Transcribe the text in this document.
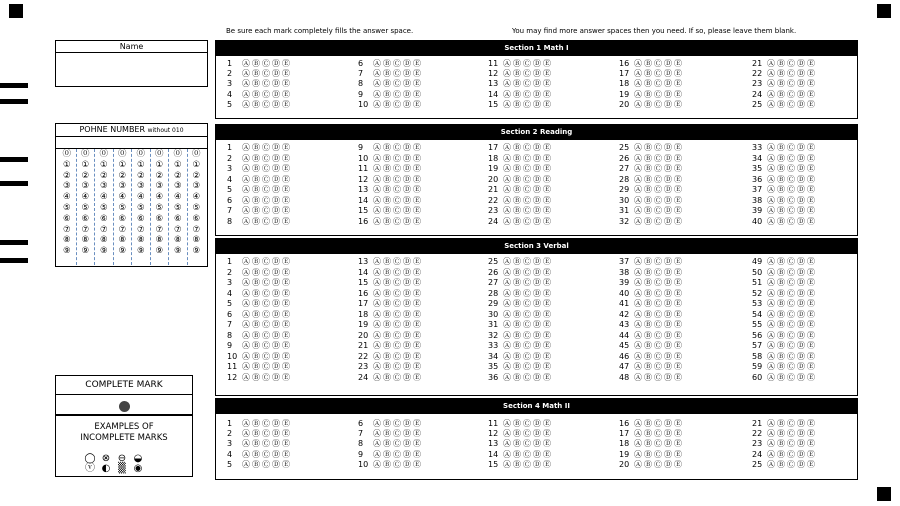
Be sure each mark completely fills the answer space.	You may find more answer spaces then you need. If so, please leave them blank.
Name
POHNE NUMBER without 010
⓪
①
②
③
④
⑤
⑥
⑦
⑧
⑨
⓪
①
②
③
④
⑤
⑥
⑦
⑧
⑨
⓪
①
②
③
④
⑤
⑥
⑦
⑧
⑨
⓪
①
②
③
④
⑤
⑥
⑦
⑧
⑨
⓪
①
②
③
④
⑤
⑥
⑦
⑧
⑨
⓪
①
②
③
④
⑤
⑥
⑦
⑧
⑨
⓪
①
②
③
④
⑤
⑥
⑦
⑧
⑨
⓪
①
②
③
④
⑤
⑥
⑦
⑧
⑨
COMPLETE MARK
EXAMPLES OF
INCOMPLETE MARKS
◯ ⊗ ⊖ ◒
ⓥ ◐ ▒ ◉
Section 1 Math I
1 Ⓐ Ⓑ Ⓒ Ⓓ Ⓔ
2 Ⓐ Ⓑ Ⓒ Ⓓ Ⓔ
3 Ⓐ Ⓑ Ⓒ Ⓓ Ⓔ
4 Ⓐ Ⓑ Ⓒ Ⓓ Ⓔ
5 Ⓐ Ⓑ Ⓒ Ⓓ Ⓔ
6 Ⓐ Ⓑ Ⓒ Ⓓ Ⓔ
7 Ⓐ Ⓑ Ⓒ Ⓓ Ⓔ
8 Ⓐ Ⓑ Ⓒ Ⓓ Ⓔ
9 Ⓐ Ⓑ Ⓒ Ⓓ Ⓔ
10 Ⓐ Ⓑ Ⓒ Ⓓ Ⓔ
11 Ⓐ Ⓑ Ⓒ Ⓓ Ⓔ
12 Ⓐ Ⓑ Ⓒ Ⓓ Ⓔ
13 Ⓐ Ⓑ Ⓒ Ⓓ Ⓔ
14 Ⓐ Ⓑ Ⓒ Ⓓ Ⓔ
15 Ⓐ Ⓑ Ⓒ Ⓓ Ⓔ
16 Ⓐ Ⓑ Ⓒ Ⓓ Ⓔ
17 Ⓐ Ⓑ Ⓒ Ⓓ Ⓔ
18 Ⓐ Ⓑ Ⓒ Ⓓ Ⓔ
19 Ⓐ Ⓑ Ⓒ Ⓓ Ⓔ
20 Ⓐ Ⓑ Ⓒ Ⓓ Ⓔ
21 Ⓐ Ⓑ Ⓒ Ⓓ Ⓔ
22 Ⓐ Ⓑ Ⓒ Ⓓ Ⓔ
23 Ⓐ Ⓑ Ⓒ Ⓓ Ⓔ
24 Ⓐ Ⓑ Ⓒ Ⓓ Ⓔ
25 Ⓐ Ⓑ Ⓒ Ⓓ Ⓔ
Section 2 Reading
1 Ⓐ Ⓑ Ⓒ Ⓓ Ⓔ
2 Ⓐ Ⓑ Ⓒ Ⓓ Ⓔ
3 Ⓐ Ⓑ Ⓒ Ⓓ Ⓔ
4 Ⓐ Ⓑ Ⓒ Ⓓ Ⓔ
5 Ⓐ Ⓑ Ⓒ Ⓓ Ⓔ
6 Ⓐ Ⓑ Ⓒ Ⓓ Ⓔ
7 Ⓐ Ⓑ Ⓒ Ⓓ Ⓔ
8 Ⓐ Ⓑ Ⓒ Ⓓ Ⓔ
9 Ⓐ Ⓑ Ⓒ Ⓓ Ⓔ
10 Ⓐ Ⓑ Ⓒ Ⓓ Ⓔ
11 Ⓐ Ⓑ Ⓒ Ⓓ Ⓔ
12 Ⓐ Ⓑ Ⓒ Ⓓ Ⓔ
13 Ⓐ Ⓑ Ⓒ Ⓓ Ⓔ
14 Ⓐ Ⓑ Ⓒ Ⓓ Ⓔ
15 Ⓐ Ⓑ Ⓒ Ⓓ Ⓔ
16 Ⓐ Ⓑ Ⓒ Ⓓ Ⓔ
17 Ⓐ Ⓑ Ⓒ Ⓓ Ⓔ
18 Ⓐ Ⓑ Ⓒ Ⓓ Ⓔ
19 Ⓐ Ⓑ Ⓒ Ⓓ Ⓔ
20 Ⓐ Ⓑ Ⓒ Ⓓ Ⓔ
21 Ⓐ Ⓑ Ⓒ Ⓓ Ⓔ
22 Ⓐ Ⓑ Ⓒ Ⓓ Ⓔ
23 Ⓐ Ⓑ Ⓒ Ⓓ Ⓔ
24 Ⓐ Ⓑ Ⓒ Ⓓ Ⓔ
25 Ⓐ Ⓑ Ⓒ Ⓓ Ⓔ
26 Ⓐ Ⓑ Ⓒ Ⓓ Ⓔ
27 Ⓐ Ⓑ Ⓒ Ⓓ Ⓔ
28 Ⓐ Ⓑ Ⓒ Ⓓ Ⓔ
29 Ⓐ Ⓑ Ⓒ Ⓓ Ⓔ
30 Ⓐ Ⓑ Ⓒ Ⓓ Ⓔ
31 Ⓐ Ⓑ Ⓒ Ⓓ Ⓔ
32 Ⓐ Ⓑ Ⓒ Ⓓ Ⓔ
33 Ⓐ Ⓑ Ⓒ Ⓓ Ⓔ
34 Ⓐ Ⓑ Ⓒ Ⓓ Ⓔ
35 Ⓐ Ⓑ Ⓒ Ⓓ Ⓔ
36 Ⓐ Ⓑ Ⓒ Ⓓ Ⓔ
37 Ⓐ Ⓑ Ⓒ Ⓓ Ⓔ
38 Ⓐ Ⓑ Ⓒ Ⓓ Ⓔ
39 Ⓐ Ⓑ Ⓒ Ⓓ Ⓔ
40 Ⓐ Ⓑ Ⓒ Ⓓ Ⓔ
Section 3 Verbal
1 Ⓐ Ⓑ Ⓒ Ⓓ Ⓔ
2 Ⓐ Ⓑ Ⓒ Ⓓ Ⓔ
3 Ⓐ Ⓑ Ⓒ Ⓓ Ⓔ
4 Ⓐ Ⓑ Ⓒ Ⓓ Ⓔ
5 Ⓐ Ⓑ Ⓒ Ⓓ Ⓔ
6 Ⓐ Ⓑ Ⓒ Ⓓ Ⓔ
7 Ⓐ Ⓑ Ⓒ Ⓓ Ⓔ
8 Ⓐ Ⓑ Ⓒ Ⓓ Ⓔ
9 Ⓐ Ⓑ Ⓒ Ⓓ Ⓔ
10 Ⓐ Ⓑ Ⓒ Ⓓ Ⓔ
11 Ⓐ Ⓑ Ⓒ Ⓓ Ⓔ
12 Ⓐ Ⓑ Ⓒ Ⓓ Ⓔ
13 Ⓐ Ⓑ Ⓒ Ⓓ Ⓔ
14 Ⓐ Ⓑ Ⓒ Ⓓ Ⓔ
15 Ⓐ Ⓑ Ⓒ Ⓓ Ⓔ
16 Ⓐ Ⓑ Ⓒ Ⓓ Ⓔ
17 Ⓐ Ⓑ Ⓒ Ⓓ Ⓔ
18 Ⓐ Ⓑ Ⓒ Ⓓ Ⓔ
19 Ⓐ Ⓑ Ⓒ Ⓓ Ⓔ
20 Ⓐ Ⓑ Ⓒ Ⓓ Ⓔ
21 Ⓐ Ⓑ Ⓒ Ⓓ Ⓔ
22 Ⓐ Ⓑ Ⓒ Ⓓ Ⓔ
23 Ⓐ Ⓑ Ⓒ Ⓓ Ⓔ
24 Ⓐ Ⓑ Ⓒ Ⓓ Ⓔ
25 Ⓐ Ⓑ Ⓒ Ⓓ Ⓔ
26 Ⓐ Ⓑ Ⓒ Ⓓ Ⓔ
27 Ⓐ Ⓑ Ⓒ Ⓓ Ⓔ
28 Ⓐ Ⓑ Ⓒ Ⓓ Ⓔ
29 Ⓐ Ⓑ Ⓒ Ⓓ Ⓔ
30 Ⓐ Ⓑ Ⓒ Ⓓ Ⓔ
31 Ⓐ Ⓑ Ⓒ Ⓓ Ⓔ
32 Ⓐ Ⓑ Ⓒ Ⓓ Ⓔ
33 Ⓐ Ⓑ Ⓒ Ⓓ Ⓔ
34 Ⓐ Ⓑ Ⓒ Ⓓ Ⓔ
35 Ⓐ Ⓑ Ⓒ Ⓓ Ⓔ
36 Ⓐ Ⓑ Ⓒ Ⓓ Ⓔ
37 Ⓐ Ⓑ Ⓒ Ⓓ Ⓔ
38 Ⓐ Ⓑ Ⓒ Ⓓ Ⓔ
39 Ⓐ Ⓑ Ⓒ Ⓓ Ⓔ
40 Ⓐ Ⓑ Ⓒ Ⓓ Ⓔ
41 Ⓐ Ⓑ Ⓒ Ⓓ Ⓔ
42 Ⓐ Ⓑ Ⓒ Ⓓ Ⓔ
43 Ⓐ Ⓑ Ⓒ Ⓓ Ⓔ
44 Ⓐ Ⓑ Ⓒ Ⓓ Ⓔ
45 Ⓐ Ⓑ Ⓒ Ⓓ Ⓔ
46 Ⓐ Ⓑ Ⓒ Ⓓ Ⓔ
47 Ⓐ Ⓑ Ⓒ Ⓓ Ⓔ
48 Ⓐ Ⓑ Ⓒ Ⓓ Ⓔ
49 Ⓐ Ⓑ Ⓒ Ⓓ Ⓔ
50 Ⓐ Ⓑ Ⓒ Ⓓ Ⓔ
51 Ⓐ Ⓑ Ⓒ Ⓓ Ⓔ
52 Ⓐ Ⓑ Ⓒ Ⓓ Ⓔ
53 Ⓐ Ⓑ Ⓒ Ⓓ Ⓔ
54 Ⓐ Ⓑ Ⓒ Ⓓ Ⓔ
55 Ⓐ Ⓑ Ⓒ Ⓓ Ⓔ
56 Ⓐ Ⓑ Ⓒ Ⓓ Ⓔ
57 Ⓐ Ⓑ Ⓒ Ⓓ Ⓔ
58 Ⓐ Ⓑ Ⓒ Ⓓ Ⓔ
59 Ⓐ Ⓑ Ⓒ Ⓓ Ⓔ
60 Ⓐ Ⓑ Ⓒ Ⓓ Ⓔ
Section 4 Math II
1 Ⓐ Ⓑ Ⓒ Ⓓ Ⓔ
2 Ⓐ Ⓑ Ⓒ Ⓓ Ⓔ
3 Ⓐ Ⓑ Ⓒ Ⓓ Ⓔ
4 Ⓐ Ⓑ Ⓒ Ⓓ Ⓔ
5 Ⓐ Ⓑ Ⓒ Ⓓ Ⓔ
6 Ⓐ Ⓑ Ⓒ Ⓓ Ⓔ
7 Ⓐ Ⓑ Ⓒ Ⓓ Ⓔ
8 Ⓐ Ⓑ Ⓒ Ⓓ Ⓔ
9 Ⓐ Ⓑ Ⓒ Ⓓ Ⓔ
10 Ⓐ Ⓑ Ⓒ Ⓓ Ⓔ
11 Ⓐ Ⓑ Ⓒ Ⓓ Ⓔ
12 Ⓐ Ⓑ Ⓒ Ⓓ Ⓔ
13 Ⓐ Ⓑ Ⓒ Ⓓ Ⓔ
14 Ⓐ Ⓑ Ⓒ Ⓓ Ⓔ
15 Ⓐ Ⓑ Ⓒ Ⓓ Ⓔ
16 Ⓐ Ⓑ Ⓒ Ⓓ Ⓔ
17 Ⓐ Ⓑ Ⓒ Ⓓ Ⓔ
18 Ⓐ Ⓑ Ⓒ Ⓓ Ⓔ
19 Ⓐ Ⓑ Ⓒ Ⓓ Ⓔ
20 Ⓐ Ⓑ Ⓒ Ⓓ Ⓔ
21 Ⓐ Ⓑ Ⓒ Ⓓ Ⓔ
22 Ⓐ Ⓑ Ⓒ Ⓓ Ⓔ
23 Ⓐ Ⓑ Ⓒ Ⓓ Ⓔ
24 Ⓐ Ⓑ Ⓒ Ⓓ Ⓔ
25 Ⓐ Ⓑ Ⓒ Ⓓ Ⓔ
